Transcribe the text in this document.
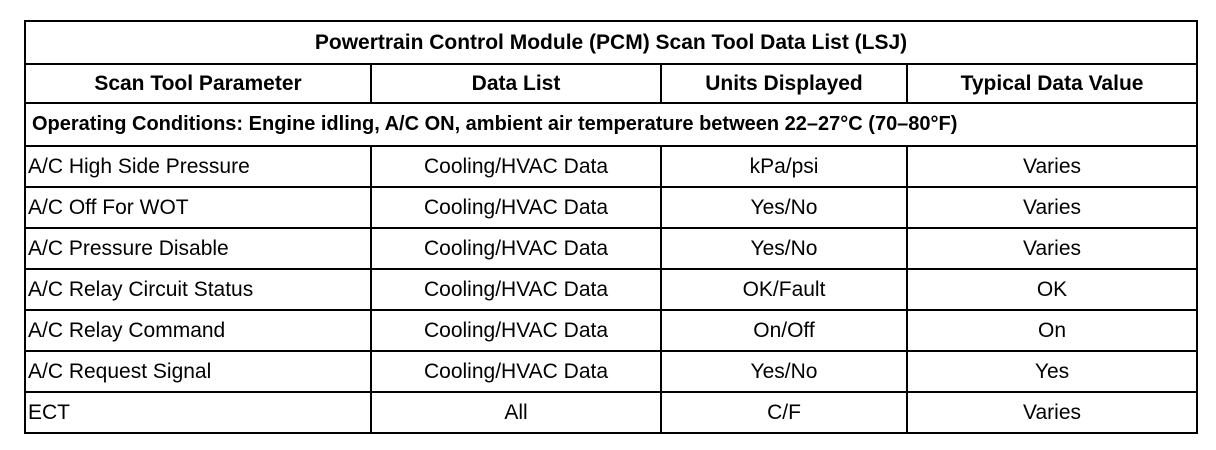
Powertrain Control Module (PCM) Scan Tool Data List (LSJ)			
Scan Tool Parameter	Data List	Units Displayed	Typical Data Value
Operating Conditions: Engine idling, A/C ON, ambient air temperature between 22–27°C (70–80°F)			
A/C High Side Pressure	Cooling/HVAC Data	kPa/psi	Varies
A/C Off For WOT	Cooling/HVAC Data	Yes/No	Varies
A/C Pressure Disable	Cooling/HVAC Data	Yes/No	Varies
A/C Relay Circuit Status	Cooling/HVAC Data	OK/Fault	OK
A/C Relay Command	Cooling/HVAC Data	On/Off	On
A/C Request Signal	Cooling/HVAC Data	Yes/No	Yes
ECT	All	C/F	Varies
